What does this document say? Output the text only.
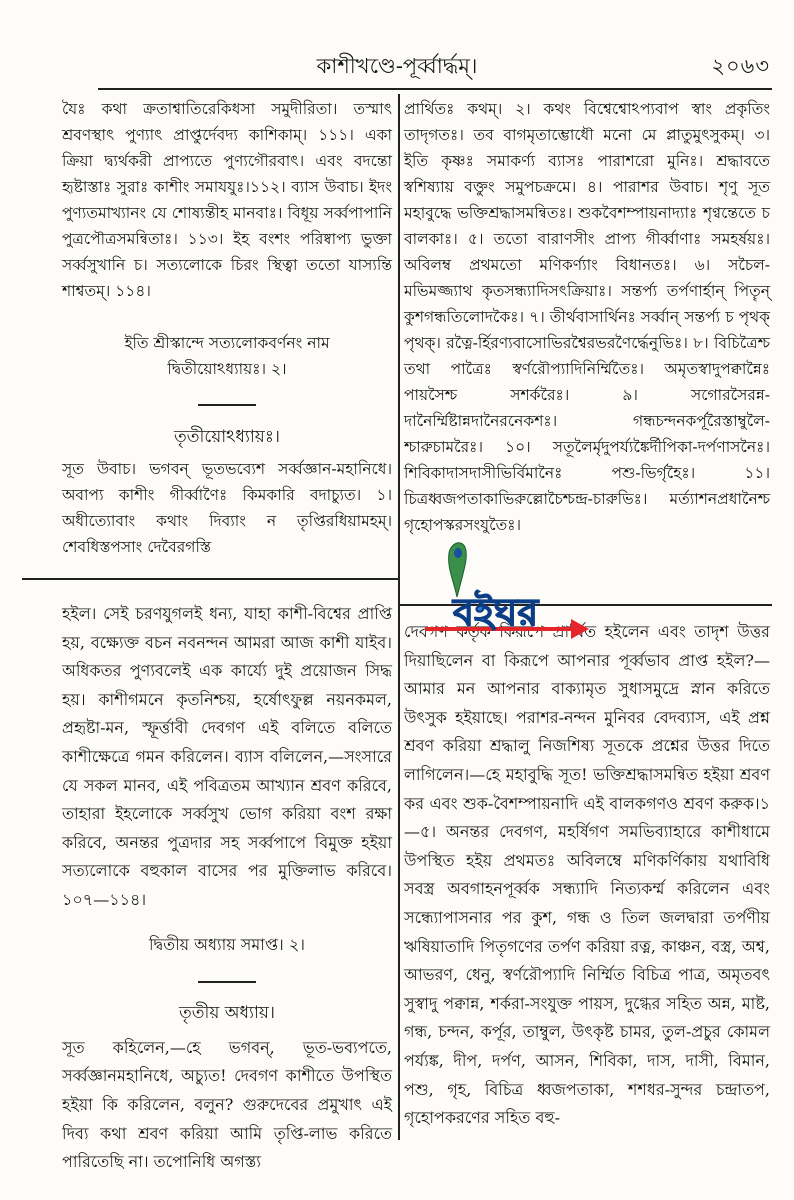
কাশীখণ্ডে-পূর্ব্বার্দ্ধম্‌।	২০৬৩

যৈঃ কথা ক্রতাশ্বাতিরেকিধসা সমুদীরিতা। তস্মাৎ শ্রবণস্থাৎ পুণ্যাৎ প্রাপ্তুর্দেবদ্য কাশিকাম্‌। ১১১। একা ক্রিয়া দ্ব্যর্থকরী প্রাপ্যতে পুণ্যগৌরবাৎ। এবং বদন্তো হৃষ্টাস্তাঃ সুরাঃ কাশীং সমাযযুঃ।১১২। ব্যাস উবাচ। ইদং পুণ্যতমাখ্যানং যে শোষ্যন্তীহ মানবাঃ। বিধূয় সর্ব্বপাপানি পুত্রপৌত্রসমন্বিতাঃ। ১১৩। ইহ বংশং পরিষ্বাপ্য ভুক্তা সর্ব্বসুখানি চ। সত্যলোকে চিরং স্থিত্বা ততো যাস্যন্তি শাশ্বতম্‌। ১১৪।

ইতি শ্রীস্কান্দে সত্যলোকবর্ণনং নাম

দ্বিতীয়োঽধ্যায়ঃ। ২।

তৃতীয়োঽধ্যায়ঃ।

সূত উবাচ। ভগবন্‌ ভূতভব্যেশ সর্ব্বজ্ঞান-মহানিধে। অবাপ্য কাশীং গীর্ব্বাণৈঃ কিমকারি বদাচ্যুত। ১। অধীত্যোবাং কথাং দিব্যাং ন তৃপ্তিরধিয়ামহম্‌। শেবধিস্তপসাং দেবৈরগস্তি

প্রার্থিতঃ কথম্‌। ২। কথং বিশ্বেশ্বোঽপ্যবাপ স্বাং প্রকৃতিং তাদৃগতঃ। তব বাগমৃতাম্ভোধৌ মনো মে প্লাতুমুৎসুকম্‌। ৩। ইতি কৃষ্ণঃ সমাকর্ণ্য ব্যাসঃ পারাশরো মুনিঃ। শ্রদ্ধাবতে স্বশিষ্যায় বক্তুং সমুপচক্রমে। ৪। পারাশর উবাচ। শৃণু সূত মহাবুদ্ধে ভক্তিশ্রদ্ধাসমন্বিতঃ। শুকবৈশম্পায়নাদ্যাঃ শৃণ্বন্তেতে চ বালকাঃ। ৫। ততো বারাণসীং প্রাপ্য গীর্ব্বাণাঃ সমহর্ষয়ঃ। অবিলম্ব প্রথমতো মণিকর্ণ্যাং বিধানতঃ। ৬। সচৈল-মভিমজ্জ্যাথ কৃতসন্ধ্যাদিসৎক্রিয়াঃ। সন্তর্প্য তর্পণার্হান্‌ পিতৄন্‌ কুশগন্ধতিলোদকৈঃ। ৭। তীর্থবাসার্থিনঃ সর্ব্বান্‌ সন্তর্প্য চ পৃথক্‌ পৃথক্‌। রত্নৈ-র্হিরণ্যবাসোভিরশ্বৈরভরণৈর্দ্ধেনুভিঃ। ৮। বিচিত্রৈশ্চ তথা পাত্রৈঃ স্বর্ণরৌপ্যাদিনির্ম্মিতৈঃ। অমৃতস্বাদুপক্বান্নৈঃ পায়সৈশ্চ সশর্করৈঃ। ৯। সগোরসৈরন্ন-দানৈর্ম্মিষ্টান্নদানৈরনেকশঃ। গন্ধচন্দনকর্পূরৈস্তাম্বুলৈ-শ্চারুচামরৈঃ। ১০। সতূলৈর্মৃদুপর্য্যঙ্কৈর্দীপিকা-দর্পণাসনৈঃ। শিবিকাদাসদাসীভির্বিমানৈঃ পশু-ভির্গৃহৈঃ। ১১। চিত্রধ্বজপতাকাভিরুল্লোচৈশ্চন্দ্র-চারুভিঃ। মর্ত্যাশনপ্রধানৈশ্চ গৃহোপস্করসংযুতৈঃ।

হইল। সেই চরণযুগলই ধন্য, যাহা কাশী-বিশ্বের প্রাপ্তি হয়, বক্ষ্যেক্ত বচন নবনন্দন আমরা আজ কাশী যাইব। অধিকতর পুণ্যবলেই এক কার্য্যে দুই প্রয়োজন সিদ্ধ হয়। কাশীগমনে কৃতনিশ্চয়, হর্ষোৎফুল্ল নয়নকমল, প্রহৃষ্টা-মন, স্ফূর্ত্তাবী দেবগণ এই বলিতে বলিতে কাশীক্ষেত্রে গমন করিলেন। ব্যাস বলিলেন,—সংসারে যে সকল মানব, এই পবিত্রতম আখ্যান শ্রবণ করিবে, তাহারা ইহলোকে সর্ব্বসুখ ভোগ করিয়া বংশ রক্ষা করিবে, অনন্তর পুত্রদার সহ সর্ব্বপাপে বিমুক্ত হইয়া সত্যলোকে বহুকাল বাসের পর মুক্তিলাভ করিবে। ১০৭—১১৪।

দ্বিতীয় অধ্যায় সমাপ্ত। ২।

তৃতীয় অধ্যায়।

সূত কহিলেন,—হে ভগবন্‌, ভূত-ভব্যপতে, সর্ব্বজ্ঞানমহানিধে, অচ্যুত! দেবগণ কাশীতে উপস্থিত হইয়া কি করিলেন, বলুন? গুরুদেবের প্রমুখাৎ এই দিব্য কথা শ্রবণ করিয়া আমি তৃপ্তি-লাভ করিতে পারিতেছি না। তপোনিধি অগস্ত্য

দেবগণ কর্তৃক কিরূপে প্রার্থিত হইলেন এবং তাদৃশ উত্তর দিয়াছিলেন বা কিরূপে আপনার পূর্ব্বভাব প্রাপ্ত হইল?—আমার মন আপনার বাক্যামৃত সুধাসমুদ্রে স্নান করিতে উৎসুক হইয়াছে। পরাশর-নন্দন মুনিবর বেদব্যাস, এই প্রশ্ন শ্রবণ করিয়া শ্রদ্ধালু নিজশিষ্য সূতকে প্রশ্নের উত্তর দিতে লাগিলেন।—হে মহাবুদ্ধি সূত! ভক্তিশ্রদ্ধাসমন্বিত হইয়া শ্রবণ কর এবং শুক-বৈশম্পায়নাদি এই বালকগণও শ্রবণ করুক।১—৫। অনন্তর দেবগণ, মহর্ষিগণ সমভিব্যাহারে কাশীধামে উপস্থিত হইয় প্রথমতঃ অবিলম্বে মণিকর্ণিকায় যথাবিধি সবস্ত্র অবগাহনপূর্ব্বক সন্ধ্যাদি নিত্যকর্ম্ম করিলেন এবং সন্ধ্যোপাসনার পর কুশ, গন্ধ ও তিল জলদ্বারা তর্পণীয় ঋষিয়াতাদি পিতৃগণের তর্পণ করিয়া রত্ন, কাঞ্চন, বস্ত্র, অশ্ব, আভরণ, ধেনু, স্বর্ণরৌপ্যাদি নির্ম্মিত বিচিত্র পাত্র, অমৃতবৎ সুস্বাদু পক্বান্ন, শর্করা-সংযুক্ত পায়স, দুগ্ধের সহিত অন্ন, মাষ্ট, গন্ধ, চন্দন, কর্পূর, তাম্বুল, উৎকৃষ্ট চামর, তুল-প্রচুর কোমল পর্য্যঙ্ক, দীপ, দর্পণ, আসন, শিবিকা, দাস, দাসী, বিমান, পশু, গৃহ, বিচিত্র ধ্বজপতাকা, শশধর-সুন্দর চন্দ্রাতপ, গৃহোপকরণের সহিত বহু-

বইঘর
